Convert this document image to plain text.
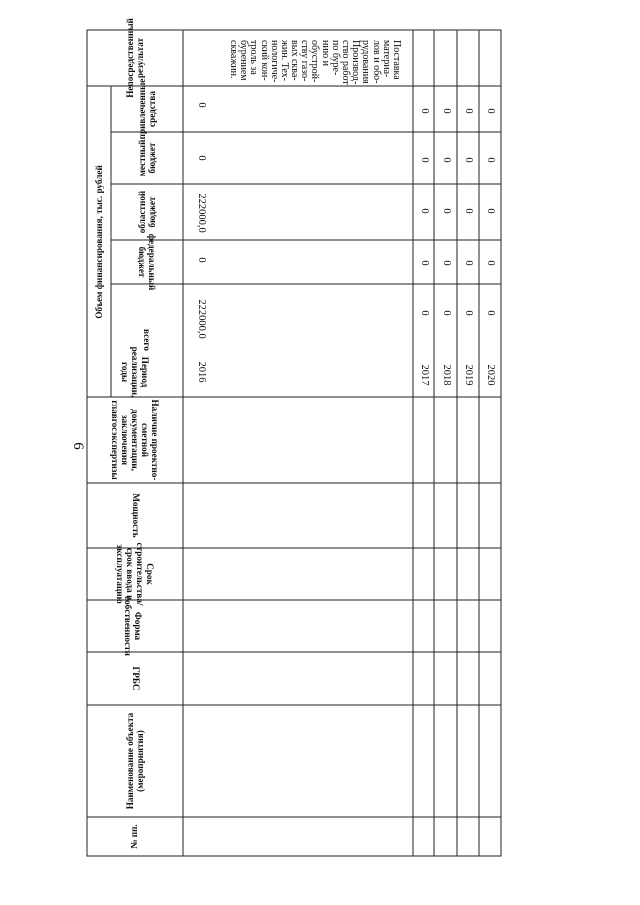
6
Непосредственный результат
Объем финансирования, тыс. рублей
привлеченные средства
местный бюджет
областной бюджет
федеральный бюджет
всего
Период реализации, годы
Наличие проектно-сметной документации, заключения главгосэкспертизы
Мощность
Срок строительства/срок ввода в эксплуатацию
Форма собственности
ГРБС
Наименование объекта (мероприятия)
№ пп.
Поставка
материа-
лов и обо-
рудования
Производ-
ство работ
по буре-
нию и
обустрой-
ству газо-
вых сква-
жин. Тех-
нологиче-
ский кон-
троль за
бурением
скважин.
0
0
222000,0
0
222000,0
2016
0
0
0
0
0
2017
0
0
0
0
0
2018
0
0
0
0
0
2019
0
0
0
0
0
2020
